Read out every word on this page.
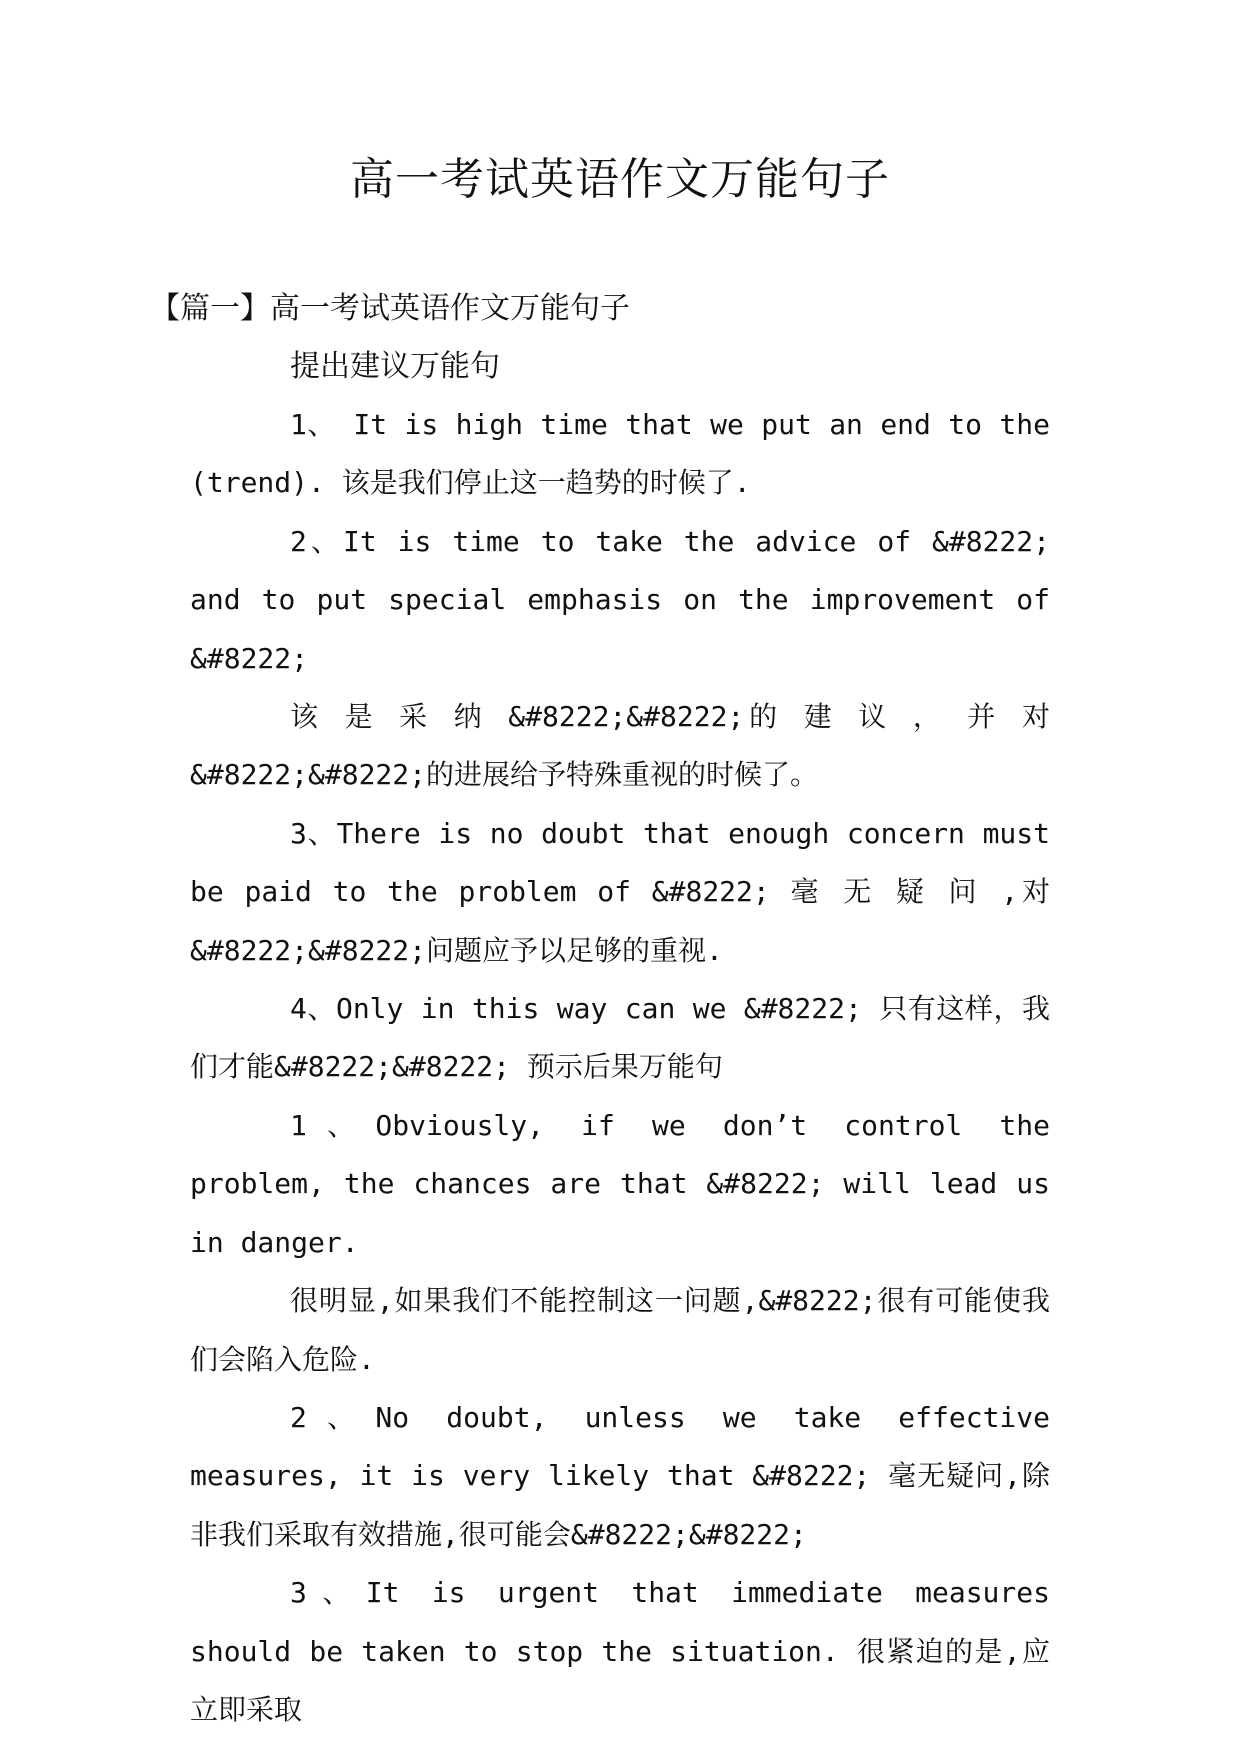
高一考试英语作文万能句子

【篇一】高一考试英语作文万能句子

提出建议万能句

1、 It is high time that we put an end to the (trend). 该是我们停止这一趋势的时候了.

2、It is time to take the advice of &#8222; and to put special emphasis on the improvement of &#8222;

该 是 采 纳 &#8222;&#8222;的 建 议 ， 并 对 &#8222;&#8222;的进展给予特殊重视的时候了。

3、There is no doubt that enough concern must be paid to the problem of &#8222; 毫 无 疑 问 ,对 &#8222;&#8222;问题应予以足够的重视.

4、Only in this way can we &#8222; 只有这样，我们才能&#8222;&#8222; 预示后果万能句

1、Obviously, if we don’t control the problem, the chances are that &#8222; will lead us in danger.

很明显,如果我们不能控制这一问题,&#8222;很有可能使我们会陷入危险.

2、No doubt, unless we take effective measures, it is very likely that &#8222; 毫无疑问,除非我们采取有效措施,很可能会&#8222;&#8222;

3、It is urgent that immediate measures should be taken to stop the situation. 很紧迫的是,应立即采取
